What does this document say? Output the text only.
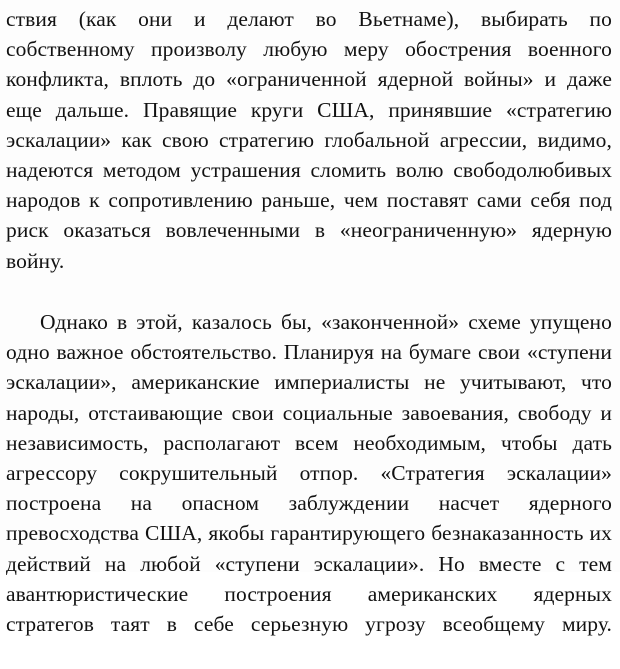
ствия (как они и делают во Вьетнаме), выбирать по собственному произволу любую меру обострения военного конфликта, вплоть до «ограниченной ядерной войны» и даже еще дальше. Правящие круги США, принявшие «стратегию эскалации» как свою стратегию глобальной агрессии, видимо, надеются методом устрашения сломить волю свободолюбивых народов к сопротивлению раньше, чем поставят сами себя под риск оказаться вовлеченными в «неограниченную» ядерную войну.

Однако в этой, казалось бы, «законченной» схеме упущено одно важное обстоятельство. Планируя на бумаге свои «ступени эскалации», американские империалисты не учитывают, что народы, отстаивающие свои социальные завоевания, свободу и независимость, располагают всем необходимым, чтобы дать агрессору сокрушительный отпор. «Стратегия эскалации» построена на опасном заблуждении насчет ядерного превосходства США, якобы гарантирующего безнаказанность их действий на любой «ступени эскалации». Но вместе с тем авантюристические построения американских ядерных стратегов таят в себе серьезную угрозу всеобщему миру.
